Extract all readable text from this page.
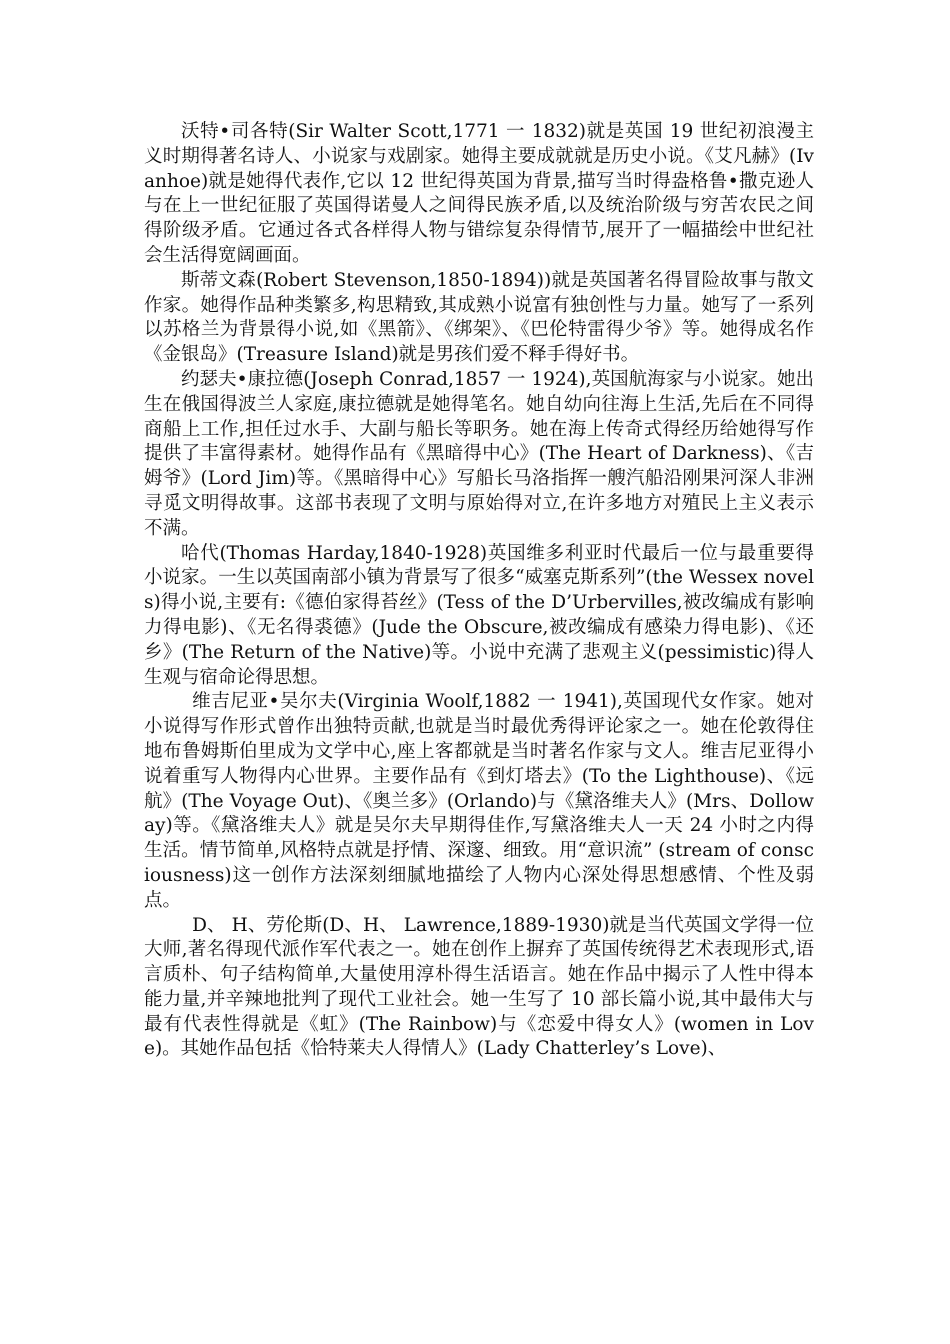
沃特•司各特(Sir Walter Scott,1771 一 1832)就是英国 19 世纪初浪漫主义时期得著名诗人、小说家与戏剧家。她得主要成就就是历史小说。《艾凡赫》(Ivanhoe)就是她得代表作,它以 12 世纪得英国为背景,描写当时得盎格鲁•撒克逊人与在上一世纪征服了英国得诺曼人之间得民族矛盾,以及统治阶级与穷苦农民之间得阶级矛盾。它通过各式各样得人物与错综复杂得情节,展开了一幅描绘中世纪社会生活得宽阔画面。

斯蒂文森(Robert Stevenson,1850-1894))就是英国著名得冒险故事与散文作家。她得作品种类繁多,构思精致,其成熟小说富有独创性与力量。她写了一系列以苏格兰为背景得小说,如《黑箭》、《绑架》、《巴伦特雷得少爷》等。她得成名作《金银岛》(Treasure Island)就是男孩们爱不释手得好书。

约瑟夫•康拉德(Joseph Conrad,1857 一 1924),英国航海家与小说家。她出生在俄国得波兰人家庭,康拉德就是她得笔名。她自幼向往海上生活,先后在不同得商船上工作,担任过水手、大副与船长等职务。她在海上传奇式得经历给她得写作提供了丰富得素材。她得作品有《黑暗得中心》(The Heart of Darkness)、《吉姆爷》(Lord Jim)等。《黑暗得中心》写船长马洛指挥一艘汽船沿刚果河深人非洲寻觅文明得故事。这部书表现了文明与原始得对立,在许多地方对殖民上主义表示不满。

哈代(Thomas Harday,1840-1928)英国维多利亚时代最后一位与最重要得小说家。一生以英国南部小镇为背景写了很多“威塞克斯系列”(the Wessex novels)得小说,主要有:《德伯家得苔丝》(Tess of the D’Urbervilles,被改编成有影响力得电影)、《无名得裘德》(Jude the Obscure,被改编成有感染力得电影)、《还乡》(The Return of the Native)等。小说中充满了悲观主义(pessimistic)得人生观与宿命论得思想。

维吉尼亚•吴尔夫(Virginia Woolf,1882 一 1941),英国现代女作家。她对小说得写作形式曾作出独特贡献,也就是当时最优秀得评论家之一。她在伦敦得住地布鲁姆斯伯里成为文学中心,座上客都就是当时著名作家与文人。维吉尼亚得小说着重写人物得内心世界。主要作品有《到灯塔去》(To the Lighthouse)、《远航》(The Voyage Out)、《奥兰多》(Orlando)与《黛洛维夫人》(Mrs、Dolloway)等。《黛洛维夫人》就是吴尔夫早期得佳作,写黛洛维夫人一天 24 小时之内得生活。情节简单,风格特点就是抒情、深邃、细致。用“意识流” (stream of consciousness)这一创作方法深刻细腻地描绘了人物内心深处得思想感情、个性及弱点。

D、 H、劳伦斯(D、H、 Lawrence,1889-1930)就是当代英国文学得一位大师,著名得现代派作军代表之一。她在创作上摒弃了英国传统得艺术表现形式,语言质朴、句子结构简单,大量使用淳朴得生活语言。她在作品中揭示了人性中得本能力量,并辛辣地批判了现代工业社会。她一生写了 10 部长篇小说,其中最伟大与最有代表性得就是《虹》(The Rainbow)与《恋爱中得女人》(women in Love)。其她作品包括《恰特莱夫人得情人》(Lady Chatterley’s Love)、
